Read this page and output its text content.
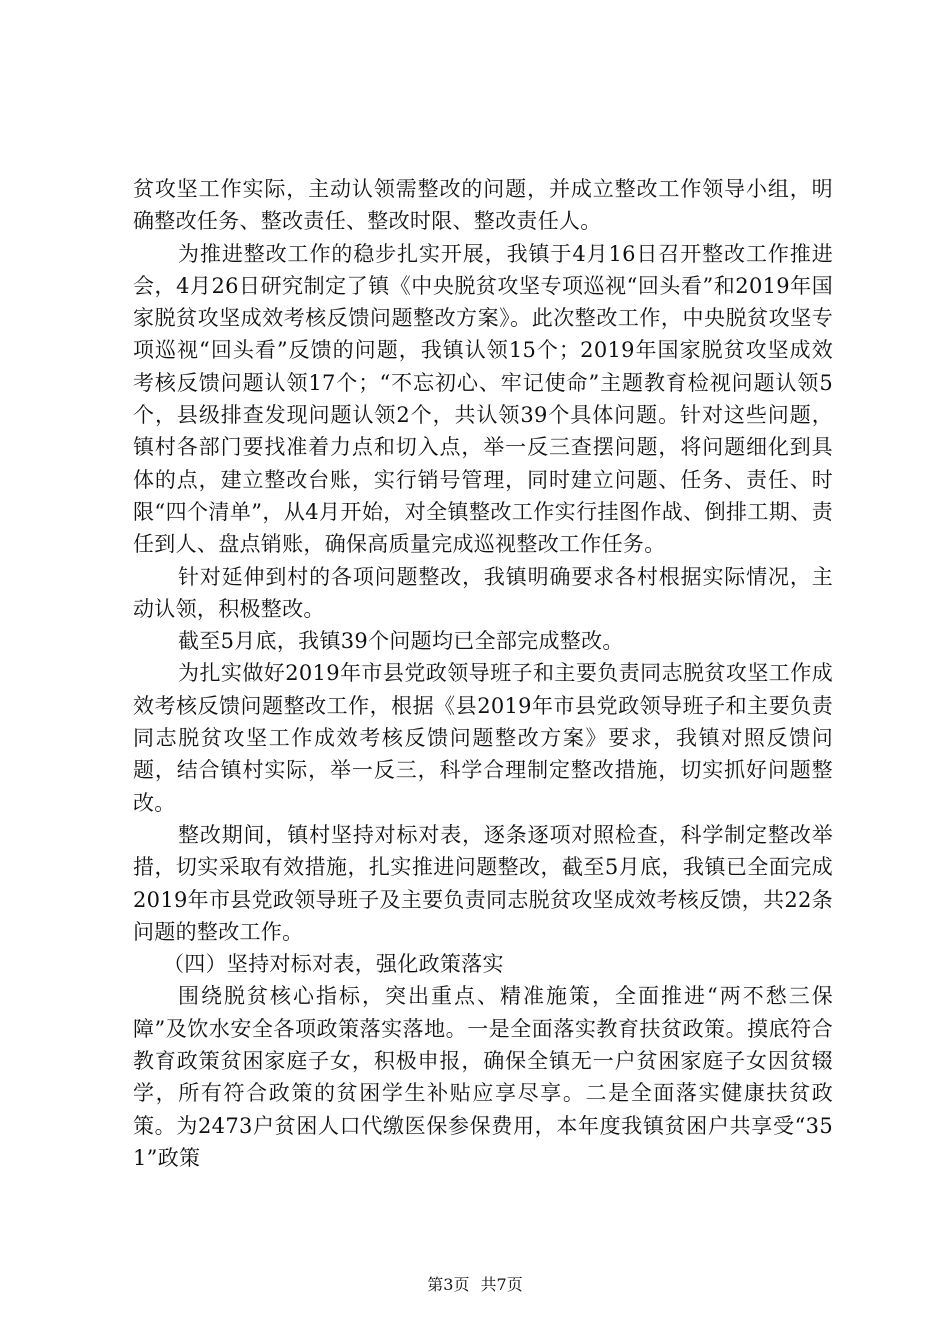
贫攻坚工作实际，主动认领需整改的问题，并成立整改工作领导小组，明确整改任务、整改责任、整改时限、整改责任人。

为推进整改工作的稳步扎实开展，我镇于4月16日召开整改工作推进会，4月26日研究制定了镇《中央脱贫攻坚专项巡视“回头看”和2019年国家脱贫攻坚成效考核反馈问题整改方案》。此次整改工作，中央脱贫攻坚专项巡视“回头看”反馈的问题，我镇认领15个；2019年国家脱贫攻坚成效考核反馈问题认领17个；“不忘初心、牢记使命”主题教育检视问题认领5个，县级排查发现问题认领2个，共认领39个具体问题。针对这些问题，镇村各部门要找准着力点和切入点，举一反三查摆问题，将问题细化到具体的点，建立整改台账，实行销号管理，同时建立问题、任务、责任、时限“四个清单”，从4月开始，对全镇整改工作实行挂图作战、倒排工期、责任到人、盘点销账，确保高质量完成巡视整改工作任务。

针对延伸到村的各项问题整改，我镇明确要求各村根据实际情况，主动认领，积极整改。

截至5月底，我镇39个问题均已全部完成整改。

为扎实做好2019年市县党政领导班子和主要负责同志脱贫攻坚工作成效考核反馈问题整改工作，根据《县2019年市县党政领导班子和主要负责同志脱贫攻坚工作成效考核反馈问题整改方案》要求，我镇对照反馈问题，结合镇村实际，举一反三，科学合理制定整改措施，切实抓好问题整改。

整改期间，镇村坚持对标对表，逐条逐项对照检查，科学制定整改举措，切实采取有效措施，扎实推进问题整改，截至5月底，我镇已全面完成2019年市县党政领导班子及主要负责同志脱贫攻坚成效考核反馈，共22条问题的整改工作。

（四）坚持对标对表，强化政策落实

围绕脱贫核心指标，突出重点、精准施策，全面推进“两不愁三保障”及饮水安全各项政策落实落地。一是全面落实教育扶贫政策。摸底符合教育政策贫困家庭子女，积极申报，确保全镇无一户贫困家庭子女因贫辍学，所有符合政策的贫困学生补贴应享尽享。二是全面落实健康扶贫政策。为2473户贫困人口代缴医保参保费用，本年度我镇贫困户共享受“351”政策

第3页 共7页
